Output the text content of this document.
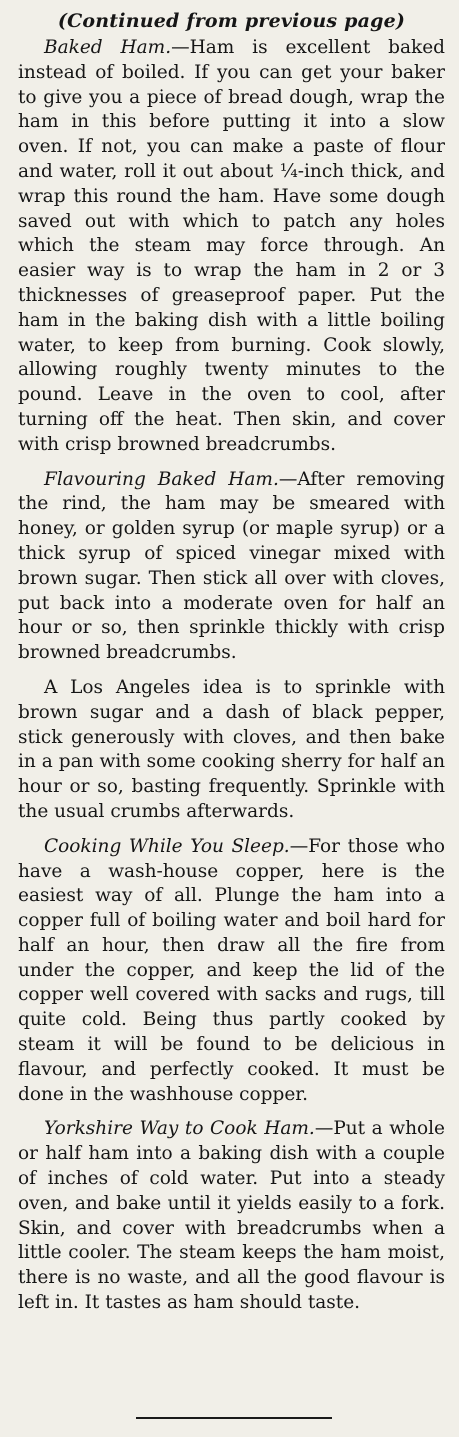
(Continued from previous page)

Baked Ham.—Ham is excellent baked instead of boiled. If you can get your baker to give you a piece of bread dough, wrap the ham in this before putting it into a slow oven. If not, you can make a paste of flour and water, roll it out about ¼-inch thick, and wrap this round the ham. Have some dough saved out with which to patch any holes which the steam may force through. An easier way is to wrap the ham in 2 or 3 thicknesses of greaseproof paper. Put the ham in the baking dish with a little boiling water, to keep from burning. Cook slowly, allowing roughly twenty minutes to the pound. Leave in the oven to cool, after turning off the heat. Then skin, and cover with crisp browned breadcrumbs.

Flavouring Baked Ham.—After removing the rind, the ham may be smeared with honey, or golden syrup (or maple syrup) or a thick syrup of spiced vinegar mixed with brown sugar. Then stick all over with cloves, put back into a moderate oven for half an hour or so, then sprinkle thickly with crisp browned breadcrumbs.

A Los Angeles idea is to sprinkle with brown sugar and a dash of black pepper, stick generously with cloves, and then bake in a pan with some cooking sherry for half an hour or so, basting frequently. Sprinkle with the usual crumbs afterwards.

Cooking While You Sleep.—For those who have a wash-house copper, here is the easiest way of all. Plunge the ham into a copper full of boiling water and boil hard for half an hour, then draw all the fire from under the copper, and keep the lid of the copper well covered with sacks and rugs, till quite cold. Being thus partly cooked by steam it will be found to be delicious in flavour, and perfectly cooked. It must be done in the washhouse copper.

Yorkshire Way to Cook Ham.—Put a whole or half ham into a baking dish with a couple of inches of cold water. Put into a steady oven, and bake until it yields easily to a fork. Skin, and cover with breadcrumbs when a little cooler. The steam keeps the ham moist, there is no waste, and all the good flavour is left in. It tastes as ham should taste.
